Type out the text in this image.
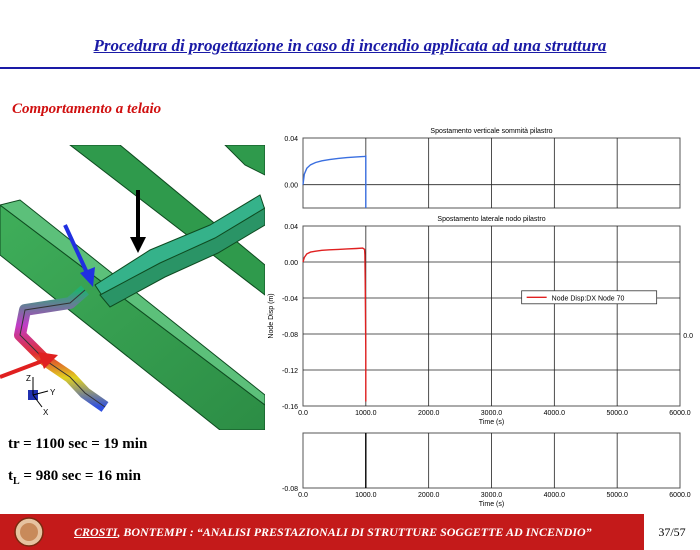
Procedura di progettazione in caso di incendio applicata ad una struttura
Comportamento a telaio
Z
Y
X
tr = 1100 sec = 19 min
$t_L = 980$ sec = 16 min
0.04
0.00
Spostamento verticale sommità pilastro
0.04
0.00
-0.04
-0.08
-0.12
-0.16
0.0	1000.0	2000.0	3000.0	4000.0	5000.0	6000.0
Spostamento laterale nodo pilastro
Time (s)
Node Disp (m)	Node Disp:DX Node 70
-0.08
0.0	1000.0	2000.0	3000.0	4000.0	5000.0	6000.0
Time (s)
0.0
CROSTI, BONTEMPI : “ANALISI PRESTAZIONALI DI STRUTTURE SOGGETTE AD INCENDIO”	37/57
